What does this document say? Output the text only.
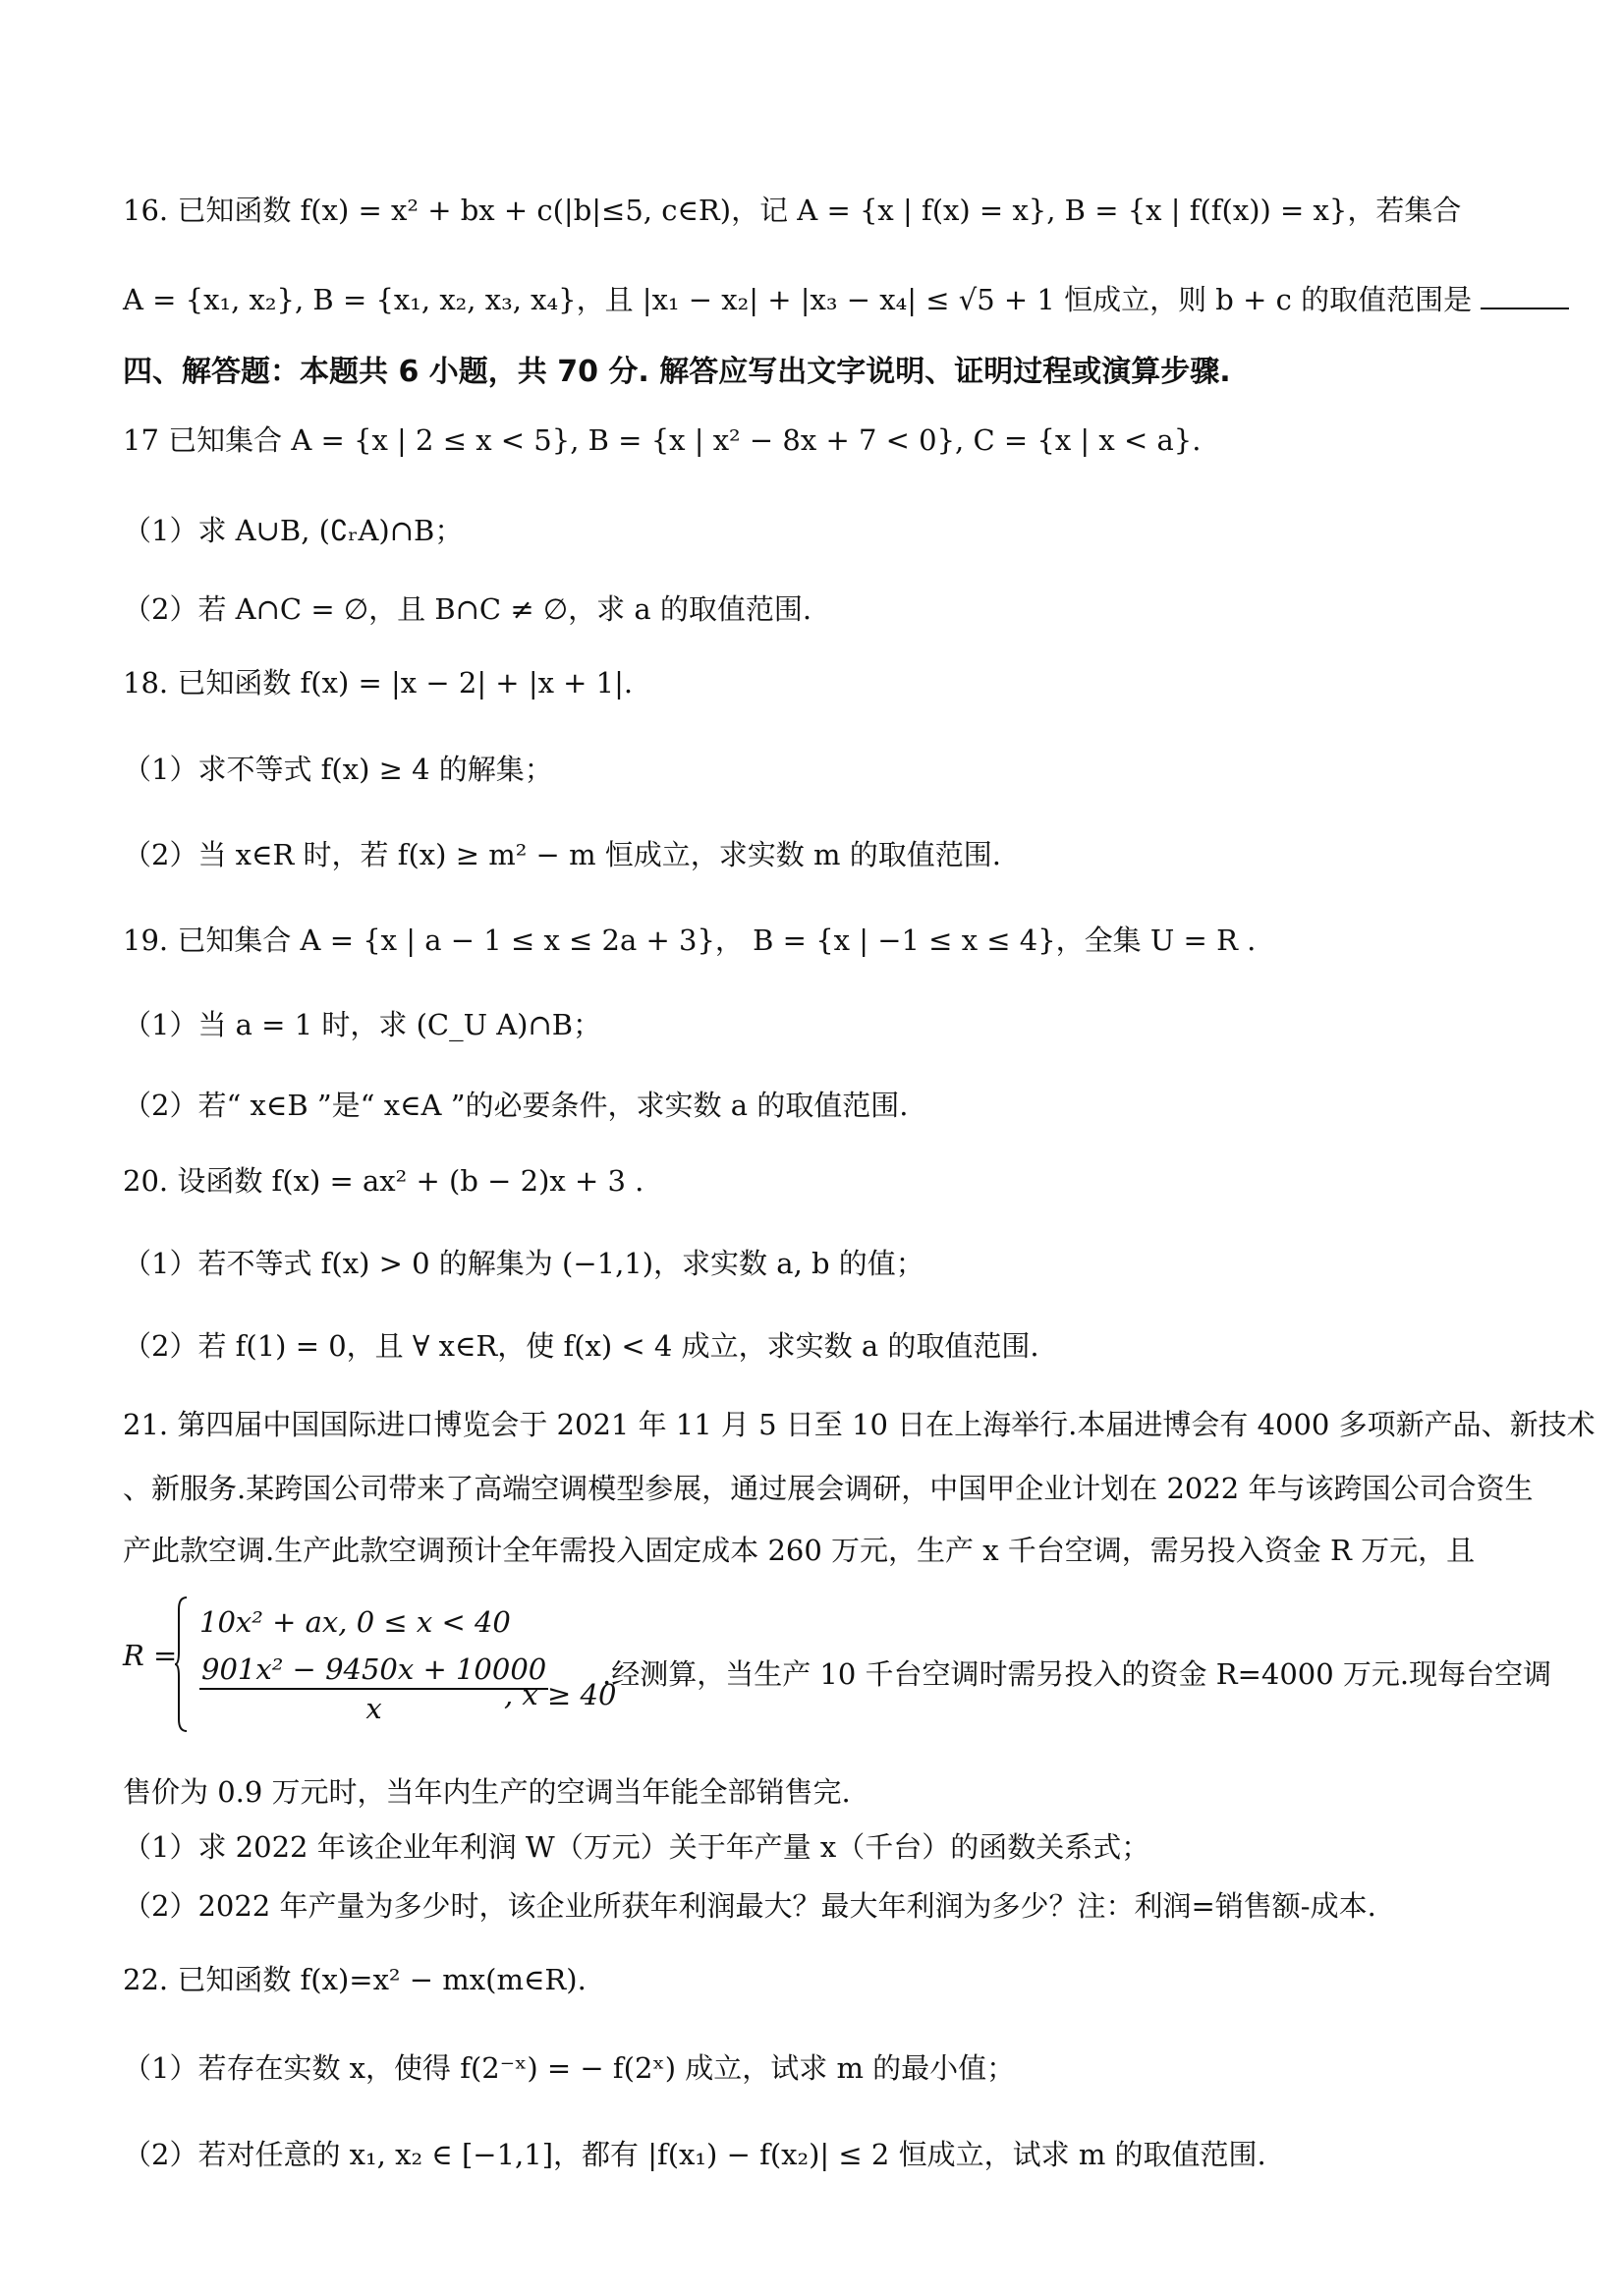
16. 已知函数 f(x) = x² + bx + c(|b|≤5, c∈R)，记 A = {x | f(x) = x}, B = {x | f(f(x)) = x}，若集合
A = {x₁, x₂}, B = {x₁, x₂, x₃, x₄}，且 |x₁ − x₂| + |x₃ − x₄| ≤ √5 + 1 恒成立，则 b + c 的取值范围是
四、解答题：本题共 6 小题，共 70 分. 解答应写出文字说明、证明过程或演算步骤.
17 已知集合 A = {x | 2 ≤ x < 5}, B = {x | x² − 8x + 7 < 0}, C = {x | x < a}.
（1）求 A∪B, (∁ᵣA)∩B；
（2）若 A∩C = ∅，且 B∩C ≠ ∅，求 a 的取值范围.
18. 已知函数 f(x) = |x − 2| + |x + 1|.
（1）求不等式 f(x) ≥ 4 的解集；
（2）当 x∈R 时，若 f(x) ≥ m² − m 恒成立，求实数 m 的取值范围.
19. 已知集合 A = {x | a − 1 ≤ x ≤ 2a + 3}， B = {x | −1 ≤ x ≤ 4}，全集 U = R .
（1）当 a = 1 时，求 (C_U A)∩B；
（2）若“ x∈B ”是“ x∈A ”的必要条件，求实数 a 的取值范围.
20. 设函数 f(x) = ax² + (b − 2)x + 3 .
（1）若不等式 f(x) > 0 的解集为 (−1,1)，求实数 a, b 的值；
（2）若 f(1) = 0，且 ∀ x∈R，使 f(x) < 4 成立，求实数 a 的取值范围.
21. 第四届中国国际进口博览会于 2021 年 11 月 5 日至 10 日在上海举行.本届进博会有 4000 多项新产品、新技术
、新服务.某跨国公司带来了高端空调模型参展，通过展会调研，中国甲企业计划在 2022 年与该跨国公司合资生
产此款空调.生产此款空调预计全年需投入固定成本 260 万元，生产 x 千台空调，需另投入资金 R 万元，且
R =
10x² + ax, 0 ≤ x < 40
$\frac{\text{901x² − 9450x + 10000}}{x}$
, x ≥ 40
.经测算，当生产 10 千台空调时需另投入的资金 R=4000 万元.现每台空调
售价为 0.9 万元时，当年内生产的空调当年能全部销售完.
（1）求 2022 年该企业年利润 W（万元）关于年产量 x（千台）的函数关系式；
（2）2022 年产量为多少时，该企业所获年利润最大？最大年利润为多少？注：利润=销售额-成本.
22. 已知函数 f(x)=x² − mx(m∈R).
（1）若存在实数 x，使得 f(2⁻ˣ) = − f(2ˣ) 成立，试求 m 的最小值；
（2）若对任意的 x₁, x₂ ∈ [−1,1]，都有 |f(x₁) − f(x₂)| ≤ 2 恒成立，试求 m 的取值范围.
